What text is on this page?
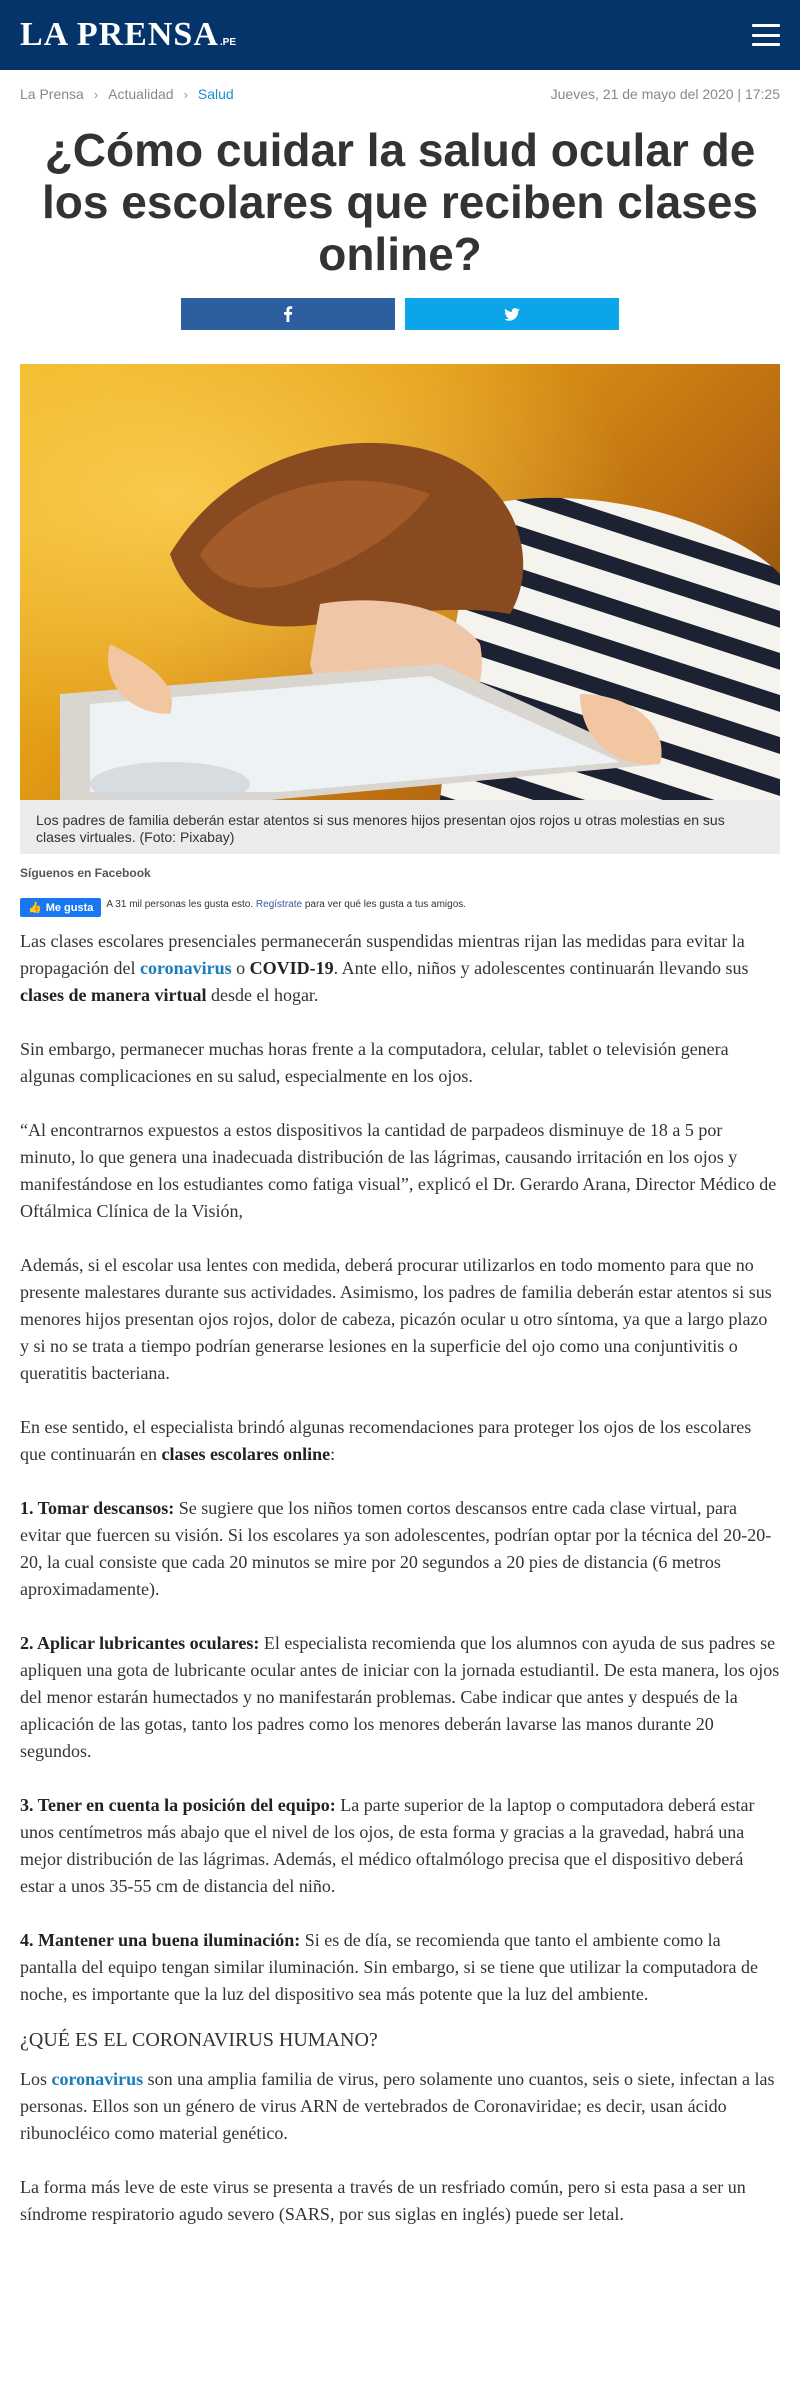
LA PRENSA .PE
La Prensa › Actualidad › Salud	Jueves, 21 de mayo del 2020 | 17:25
¿Cómo cuidar la salud ocular de los escolares que reciben clases online?
Los padres de familia deberán estar atentos si sus menores hijos presentan ojos rojos u otras molestias en sus clases virtuales. (Foto: Pixabay)
Síguenos en Facebook
👍 Me gusta A 31 mil personas les gusta esto. Regístrate para ver qué les gusta a tus amigos.

Las clases escolares presenciales permanecerán suspendidas mientras rijan las medidas para evitar la propagación del coronavirus o COVID-19. Ante ello, niños y adolescentes continuarán llevando sus clases de manera virtual desde el hogar.

Sin embargo, permanecer muchas horas frente a la computadora, celular, tablet o televisión genera algunas complicaciones en su salud, especialmente en los ojos.

“Al encontrarnos expuestos a estos dispositivos la cantidad de parpadeos disminuye de 18 a 5 por minuto, lo que genera una inadecuada distribución de las lágrimas, causando irritación en los ojos y manifestándose en los estudiantes como fatiga visual”, explicó el Dr. Gerardo Arana, Director Médico de Oftálmica Clínica de la Visión,

Además, si el escolar usa lentes con medida, deberá procurar utilizarlos en todo momento para que no presente malestares durante sus actividades. Asimismo, los padres de familia deberán estar atentos si sus menores hijos presentan ojos rojos, dolor de cabeza, picazón ocular u otro síntoma, ya que a largo plazo y si no se trata a tiempo podrían generarse lesiones en la superficie del ojo como una conjuntivitis o queratitis bacteriana.

En ese sentido, el especialista brindó algunas recomendaciones para proteger los ojos de los escolares que continuarán en clases escolares online:

1. Tomar descansos: Se sugiere que los niños tomen cortos descansos entre cada clase virtual, para evitar que fuercen su visión. Si los escolares ya son adolescentes, podrían optar por la técnica del 20-20-20, la cual consiste que cada 20 minutos se mire por 20 segundos a 20 pies de distancia (6 metros aproximadamente).

2. Aplicar lubricantes oculares: El especialista recomienda que los alumnos con ayuda de sus padres se apliquen una gota de lubricante ocular antes de iniciar con la jornada estudiantil. De esta manera, los ojos del menor estarán humectados y no manifestarán problemas. Cabe indicar que antes y después de la aplicación de las gotas, tanto los padres como los menores deberán lavarse las manos durante 20 segundos.

3. Tener en cuenta la posición del equipo: La parte superior de la laptop o computadora deberá estar unos centímetros más abajo que el nivel de los ojos, de esta forma y gracias a la gravedad, habrá una mejor distribución de las lágrimas. Además, el médico oftalmólogo precisa que el dispositivo deberá estar a unos 35-55 cm de distancia del niño.

4. Mantener una buena iluminación: Si es de día, se recomienda que tanto el ambiente como la pantalla del equipo tengan similar iluminación. Sin embargo, si se tiene que utilizar la computadora de noche, es importante que la luz del dispositivo sea más potente que la luz del ambiente.

¿QUÉ ES EL CORONAVIRUS HUMANO?

Los coronavirus son una amplia familia de virus, pero solamente uno cuantos, seis o siete, infectan a las personas. Ellos son un género de virus ARN de vertebrados de Coronaviridae; es decir, usan ácido ribunocléico como material genético.

La forma más leve de este virus se presenta a través de un resfriado común, pero si esta pasa a ser un síndrome respiratorio agudo severo (SARS, por sus siglas en inglés) puede ser letal.
